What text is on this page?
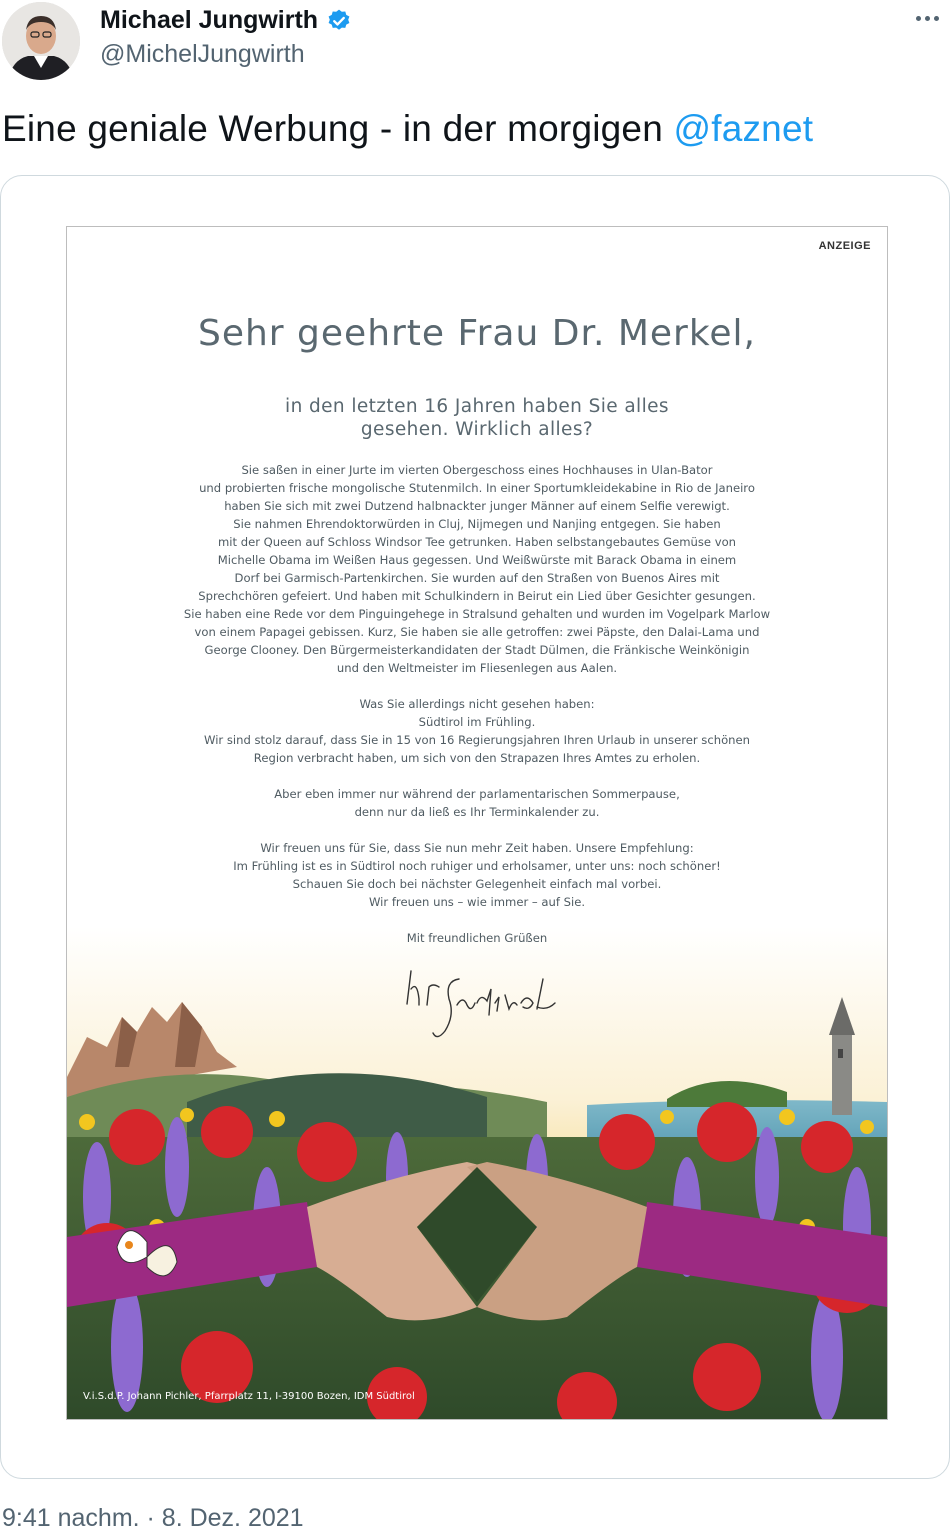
Michael Jungwirth
@MichelJungwirth
Eine geniale Werbung - in der morgigen @faznet
ANZEIGE
Sehr geehrte Frau Dr. Merkel,
in den letzten 16 Jahren haben Sie alles
gesehen. Wirklich alles?

Sie saßen in einer Jurte im vierten Obergeschoss eines Hochhauses in Ulan-Bator
und probierten frische mongolische Stutenmilch. In einer Sportumkleidekabine in Rio de Janeiro
haben Sie sich mit zwei Dutzend halbnackter junger Männer auf einem Selfie verewigt.
Sie nahmen Ehrendoktorwürden in Cluj, Nijmegen und Nanjing entgegen. Sie haben
mit der Queen auf Schloss Windsor Tee getrunken. Haben selbstangebautes Gemüse von
Michelle Obama im Weißen Haus gegessen. Und Weißwürste mit Barack Obama in einem
Dorf bei Garmisch-Partenkirchen. Sie wurden auf den Straßen von Buenos Aires mit
Sprechchören gefeiert. Und haben mit Schulkindern in Beirut ein Lied über Gesichter gesungen.
Sie haben eine Rede vor dem Pinguingehege in Stralsund gehalten und wurden im Vogelpark Marlow
von einem Papagei gebissen. Kurz, Sie haben sie alle getroffen: zwei Päpste, den Dalai-Lama und
George Clooney. Den Bürgermeisterkandidaten der Stadt Dülmen, die Fränkische Weinkönigin
und den Weltmeister im Fliesenlegen aus Aalen.

Was Sie allerdings nicht gesehen haben:
Südtirol im Frühling.
Wir sind stolz darauf, dass Sie in 15 von 16 Regierungsjahren Ihren Urlaub in unserer schönen
Region verbracht haben, um sich von den Strapazen Ihres Amtes zu erholen.

Aber eben immer nur während der parlamentarischen Sommerpause,
denn nur da ließ es Ihr Terminkalender zu.

Wir freuen uns für Sie, dass Sie nun mehr Zeit haben. Unsere Empfehlung:
Im Frühling ist es in Südtirol noch ruhiger und erholsamer, unter uns: noch schöner!
Schauen Sie doch bei nächster Gelegenheit einfach mal vorbei.
Wir freuen uns – wie immer – auf Sie.

Mit freundlichen Grüßen

V.i.S.d.P. Johann Pichler, Pfarrplatz 11, I-39100 Bozen, IDM Südtirol
9:41 nachm. · 8. Dez. 2021
